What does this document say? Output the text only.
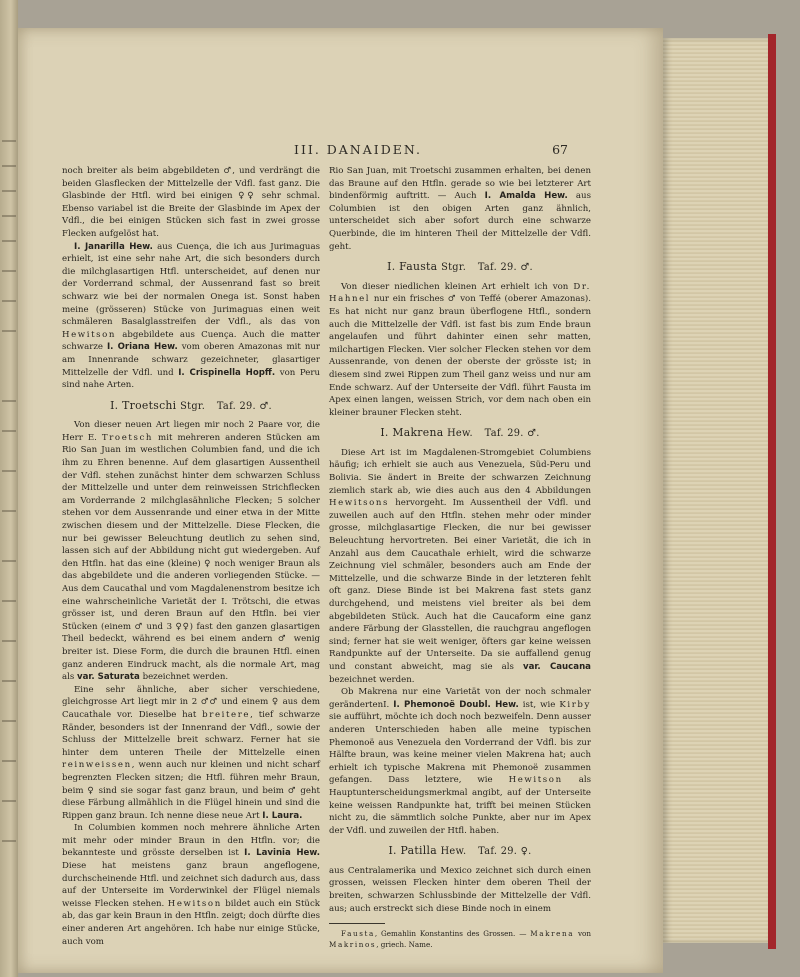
III. DANAIDEN.	67

noch breiter als beim abgebildeten ♂, und verdrängt die beiden Glasflecken der Mittelzelle der Vdfl. fast ganz. Die Glasbinde der Htfl. wird bei einigen ♀♀ sehr schmal. Ebenso variabel ist die Breite der Glasbinde im Apex der Vdfl., die bei einigen Stücken sich fast in zwei grosse Flecken aufgelöst hat.

I. Janarilla Hew. aus Cuença, die ich aus Jurimaguas erhielt, ist eine sehr nahe Art, die sich besonders durch die milchglasartigen Htfl. unterscheidet, auf denen nur der Vorderrand schmal, der Aussenrand fast so breit schwarz wie bei der normalen Onega ist. Sonst haben meine (grösseren) Stücke von Jurimaguas einen weit schmäleren Basalglasstreifen der Vdfl., als das von Hewitson abgebildete aus Cuença. Auch die matter schwarze I. Oriana Hew. vom oberen Amazonas mit nur am Innenrande schwarz gezeichneter, glasartiger Mittelzelle der Vdfl. und I. Crispinella Hopff. von Peru sind nahe Arten.

I. Troetschi Stgr. Taf. 29. ♂.

Von dieser neuen Art liegen mir noch 2 Paare vor, die Herr E. Troetsch mit mehreren anderen Stücken am Rio San Juan im westlichen Columbien fand, und die ich ihm zu Ehren benenne. Auf dem glasartigen Aussentheil der Vdfl. stehen zunächst hinter dem schwarzen Schluss der Mittelzelle und unter dem reinweissen Strichflecken am Vorderrande 2 milchglasähnliche Flecken; 5 solcher stehen vor dem Aussenrande und einer etwa in der Mitte zwischen diesem und der Mittelzelle. Diese Flecken, die nur bei gewisser Beleuchtung deutlich zu sehen sind, lassen sich auf der Abbildung nicht gut wiedergeben. Auf den Htfln. hat das eine (kleine) ♀ noch weniger Braun als das abgebildete und die anderen vorliegenden Stücke. — Aus dem Caucathal und vom Magdalenenstrom besitze ich eine wahrscheinliche Varietät der I. Trötschi, die etwas grösser ist, und deren Braun auf den Htfln. bei vier Stücken (einem ♂ und 3 ♀♀) fast den ganzen glasartigen Theil bedeckt, während es bei einem andern ♂ wenig breiter ist. Diese Form, die durch die braunen Htfl. einen ganz anderen Eindruck macht, als die normale Art, mag als var. Saturata bezeichnet werden.

Eine sehr ähnliche, aber sicher verschiedene, gleichgrosse Art liegt mir in 2 ♂♂ und einem ♀ aus dem Caucathale vor. Dieselbe hat breitere, tief schwarze Ränder, besonders ist der Innenrand der Vdfl., sowie der Schluss der Mittelzelle breit schwarz. Ferner hat sie hinter dem unteren Theile der Mittelzelle einen reinweissen, wenn auch nur kleinen und nicht scharf begrenzten Flecken sitzen; die Htfl. führen mehr Braun, beim ♀ sind sie sogar fast ganz braun, und beim ♂ geht diese Färbung allmählich in die Flügel hinein und sind die Rippen ganz braun. Ich nenne diese neue Art I. Laura.

In Columbien kommen noch mehrere ähnliche Arten mit mehr oder minder Braun in den Htfln. vor; die bekannteste und grösste derselben ist I. Lavinia Hew. Diese hat meistens ganz braun angeflogene, durchscheinende Htfl. und zeichnet sich dadurch aus, dass auf der Unterseite im Vorderwinkel der Flügel niemals weisse Flecken stehen. Hewitson bildet auch ein Stück ab, das gar kein Braun in den Htfln. zeigt; doch dürfte dies einer anderen Art angehören. Ich habe nur einige Stücke, auch vom

Rio San Juan, mit Troetschi zusammen erhalten, bei denen das Braune auf den Htfln. gerade so wie bei letzterer Art bindenförmig auftritt. — Auch I. Amalda Hew. aus Columbien ist den obigen Arten ganz ähnlich, unterscheidet sich aber sofort durch eine schwarze Querbinde, die im hinteren Theil der Mittelzelle der Vdfl. geht.

I. Fausta Stgr. Taf. 29. ♂.

Von dieser niedlichen kleinen Art erhielt ich von Dr. Hahnel nur ein frisches ♂ von Teffé (oberer Amazonas). Es hat nicht nur ganz braun überflogene Htfl., sondern auch die Mittelzelle der Vdfl. ist fast bis zum Ende braun angelaufen und führt dahinter einen sehr matten, milchartigen Flecken. Vier solcher Flecken stehen vor dem Aussenrande, von denen der oberste der grösste ist; in diesem sind zwei Rippen zum Theil ganz weiss und nur am Ende schwarz. Auf der Unterseite der Vdfl. führt Fausta im Apex einen langen, weissen Strich, vor dem nach oben ein kleiner brauner Flecken steht.

I. Makrena Hew. Taf. 29. ♂.

Diese Art ist im Magdalenen-Stromgebiet Columbiens häufig; ich erhielt sie auch aus Venezuela, Süd-Peru und Bolivia. Sie ändert in Breite der schwarzen Zeichnung ziemlich stark ab, wie dies auch aus den 4 Abbildungen Hewitsons hervorgeht. Im Aussentheil der Vdfl. und zuweilen auch auf den Htfln. stehen mehr oder minder grosse, milchglasartige Flecken, die nur bei gewisser Beleuchtung hervortreten. Bei einer Varietät, die ich in Anzahl aus dem Caucathale erhielt, wird die schwarze Zeichnung viel schmäler, besonders auch am Ende der Mittelzelle, und die schwarze Binde in der letzteren fehlt oft ganz. Diese Binde ist bei Makrena fast stets ganz durchgehend, und meistens viel breiter als bei dem abgebildeten Stück. Auch hat die Caucaform eine ganz andere Färbung der Glasstellen, die rauchgrau angeflogen sind; ferner hat sie weit weniger, öfters gar keine weissen Randpunkte auf der Unterseite. Da sie auffallend genug und constant abweicht, mag sie als var. Caucana bezeichnet werden.

Ob Makrena nur eine Varietät von der noch schmaler gerändertenI. I. Phemonoë Doubl. Hew. ist, wie Kirby sie aufführt, möchte ich doch noch bezweifeln. Denn ausser anderen Unterschieden haben alle meine typischen Phemonoë aus Venezuela den Vorderrand der Vdfl. bis zur Hälfte braun, was keine meiner vielen Makrena hat; auch erhielt ich typische Makrena mit Phemonoë zusammen gefangen. Dass letztere, wie Hewitson als Hauptunterscheidungsmerkmal angibt, auf der Unterseite keine weissen Randpunkte hat, trifft bei meinen Stücken nicht zu, die sämmtlich solche Punkte, aber nur im Apex der Vdfl. und zuweilen der Htfl. haben.

I. Patilla Hew. Taf. 29. ♀.

aus Centralamerika und Mexico zeichnet sich durch einen grossen, weissen Flecken hinter dem oberen Theil der breiten, schwarzen Schlussbinde der Mittelzelle der Vdfl. aus; auch erstreckt sich diese Binde noch in einem

Fausta, Gemahlin Konstantins des Grossen. — Makrena von Makrinos, griech. Name.
